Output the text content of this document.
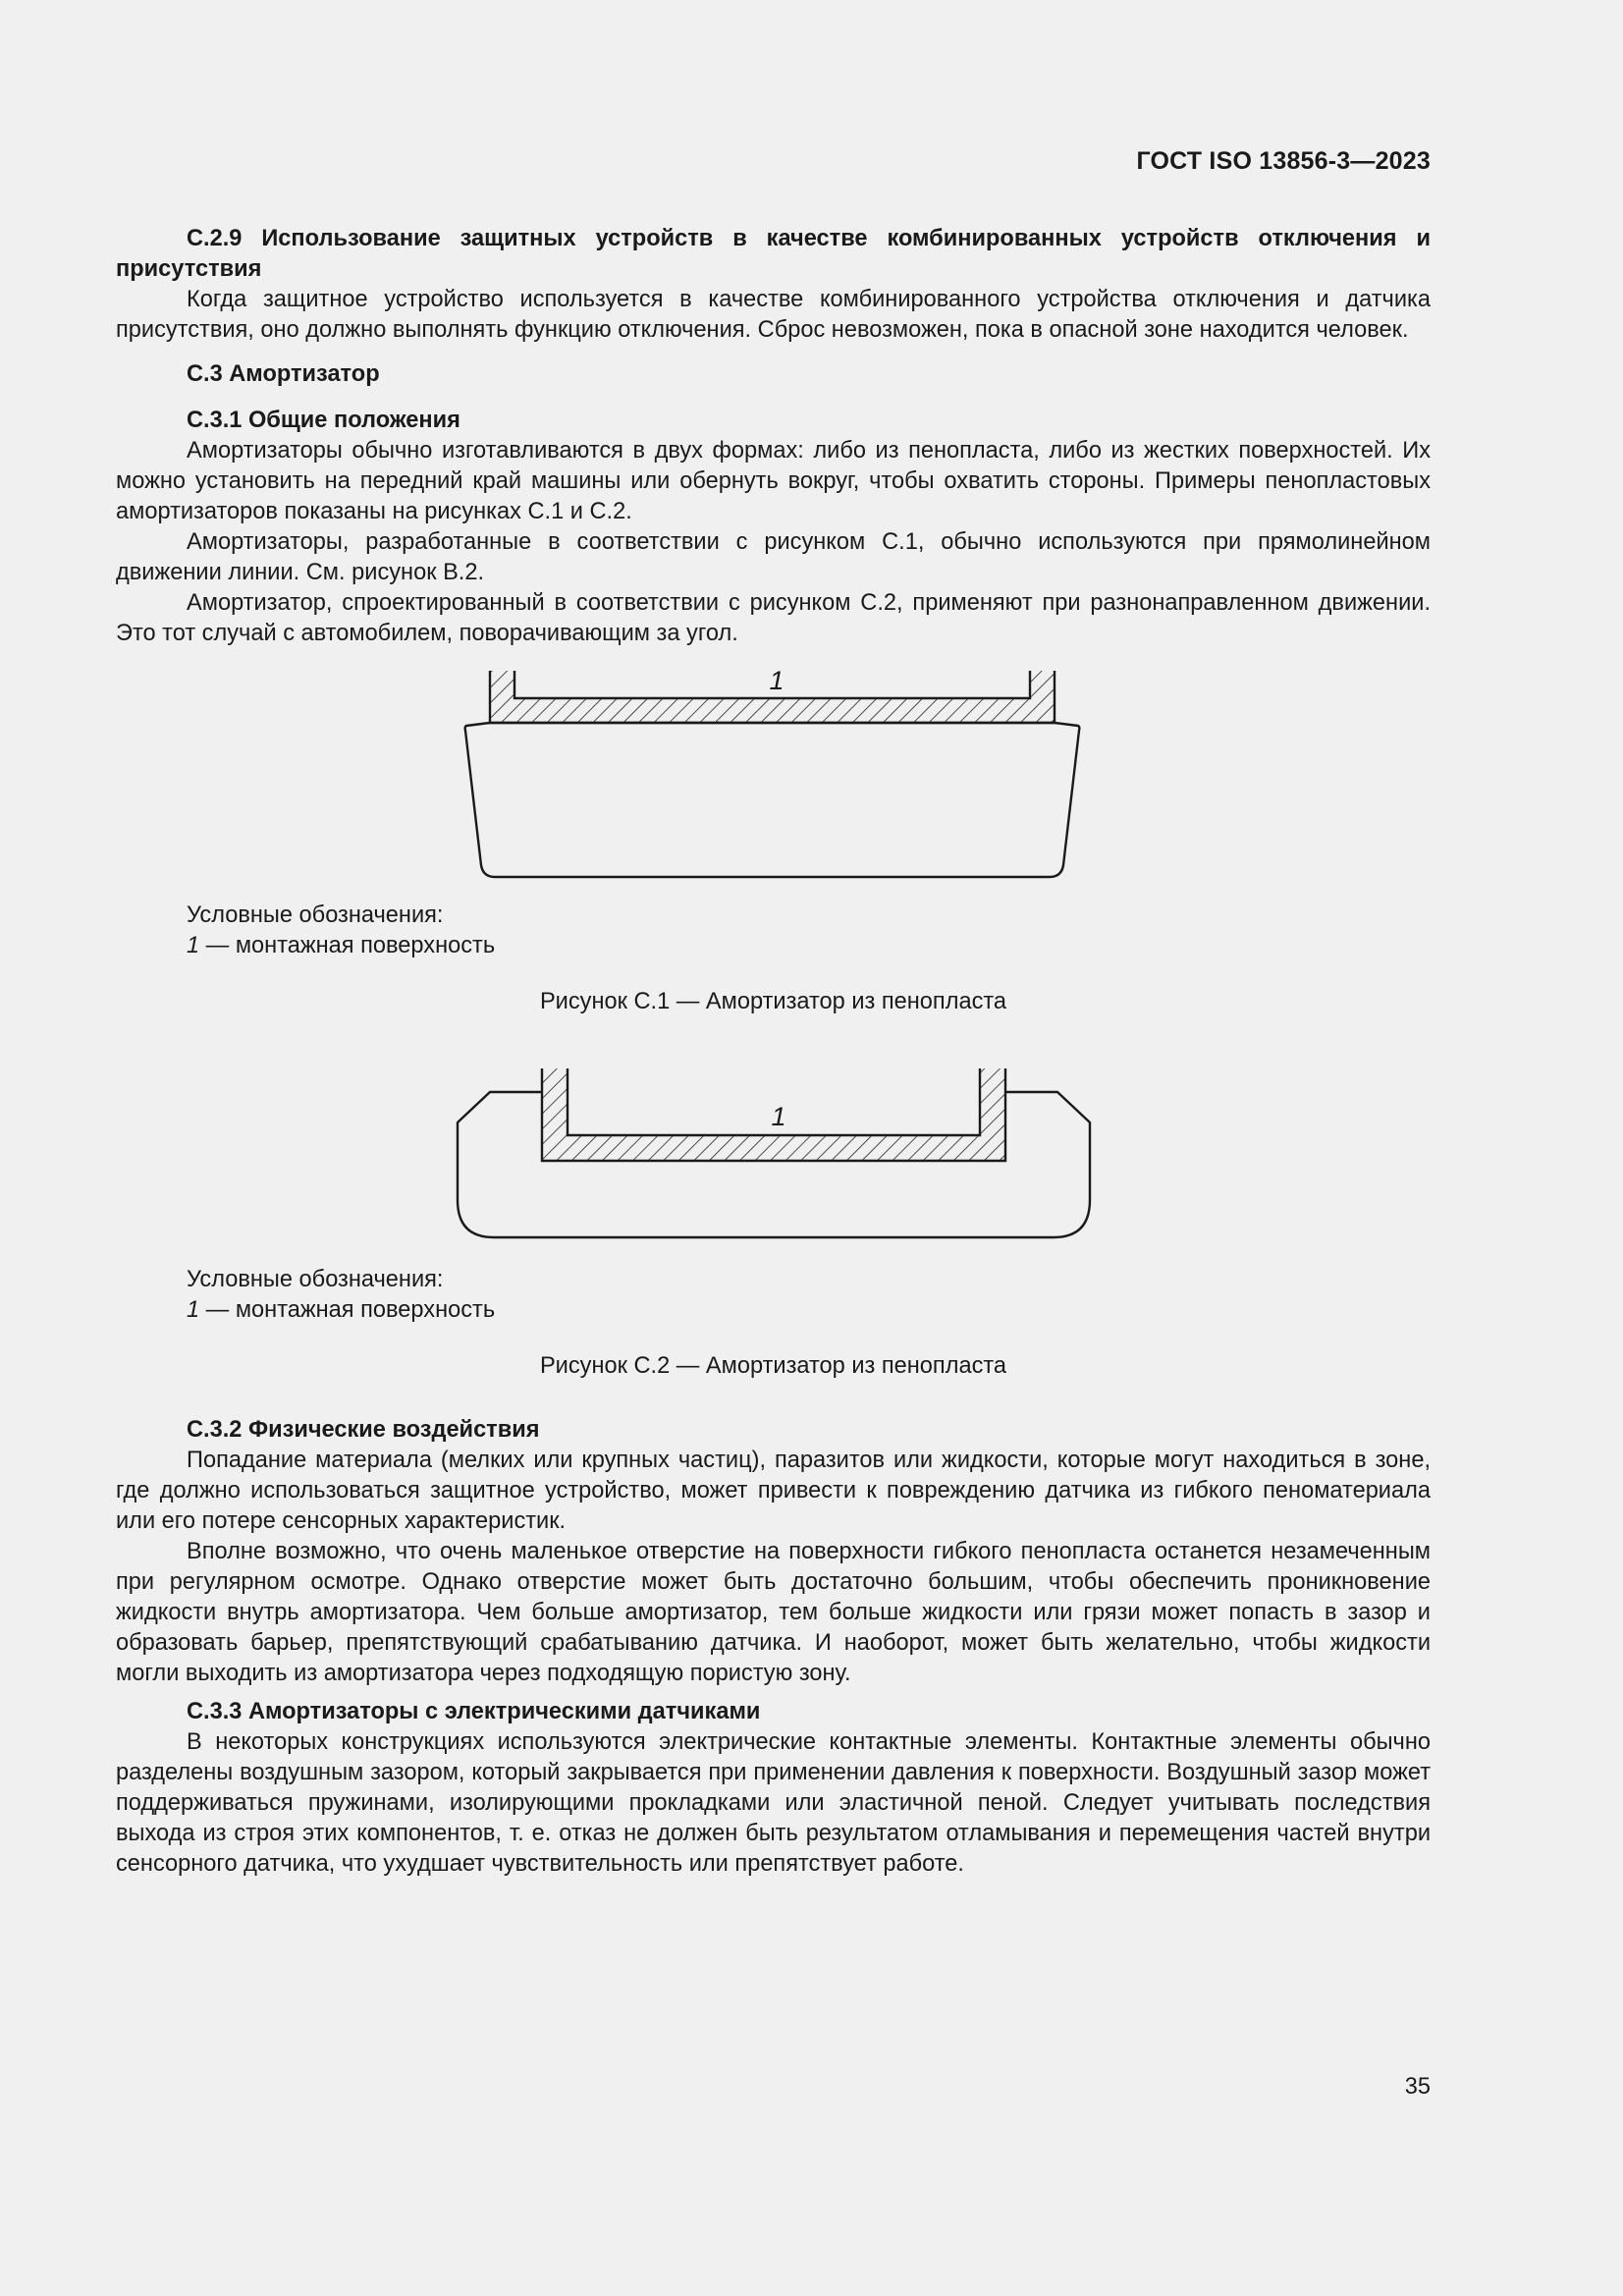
ГОСТ ISO 13856-3—2023

С.2.9 Использование защитных устройств в качестве комбинированных устройств отключения и присутствия

Когда защитное устройство используется в качестве комбинированного устройства отключения и датчика присутствия, оно должно выполнять функцию отключения. Сброс невозможен, пока в опасной зоне находится человек.

С.3 Амортизатор

С.3.1 Общие положения

Амортизаторы обычно изготавливаются в двух формах: либо из пенопласта, либо из жестких поверхностей. Их можно установить на передний край машины или обернуть вокруг, чтобы охватить стороны. Примеры пенопластовых амортизаторов показаны на рисунках С.1 и С.2.

Амортизаторы, разработанные в соответствии с рисунком С.1, обычно используются при прямолинейном движении линии. См. рисунок В.2.

Амортизатор, спроектированный в соответствии с рисунком С.2, применяют при разнонаправленном движении. Это тот случай с автомобилем, поворачивающим за угол.

1
Условные обозначения:
1 — монтажная поверхность
Рисунок С.1 — Амортизатор из пенопласта
1
Условные обозначения:
1 — монтажная поверхность
Рисунок С.2 — Амортизатор из пенопласта

С.3.2 Физические воздействия

Попадание материала (мелких или крупных частиц), паразитов или жидкости, которые могут находиться в зоне, где должно использоваться защитное устройство, может привести к повреждению датчика из гибкого пеноматериала или его потере сенсорных характеристик.

Вполне возможно, что очень маленькое отверстие на поверхности гибкого пенопласта останется незамеченным при регулярном осмотре. Однако отверстие может быть достаточно большим, чтобы обеспечить проникновение жидкости внутрь амортизатора. Чем больше амортизатор, тем больше жидкости или грязи может попасть в зазор и образовать барьер, препятствующий срабатыванию датчика. И наоборот, может быть желательно, чтобы жидкости могли выходить из амортизатора через подходящую пористую зону.

С.3.3 Амортизаторы с электрическими датчиками

В некоторых конструкциях используются электрические контактные элементы. Контактные элементы обычно разделены воздушным зазором, который закрывается при применении давления к поверхности. Воздушный зазор может поддерживаться пружинами, изолирующими прокладками или эластичной пеной. Следует учитывать последствия выхода из строя этих компонентов, т. е. отказ не должен быть результатом отламывания и перемещения частей внутри сенсорного датчика, что ухудшает чувствительность или препятствует работе.

35
